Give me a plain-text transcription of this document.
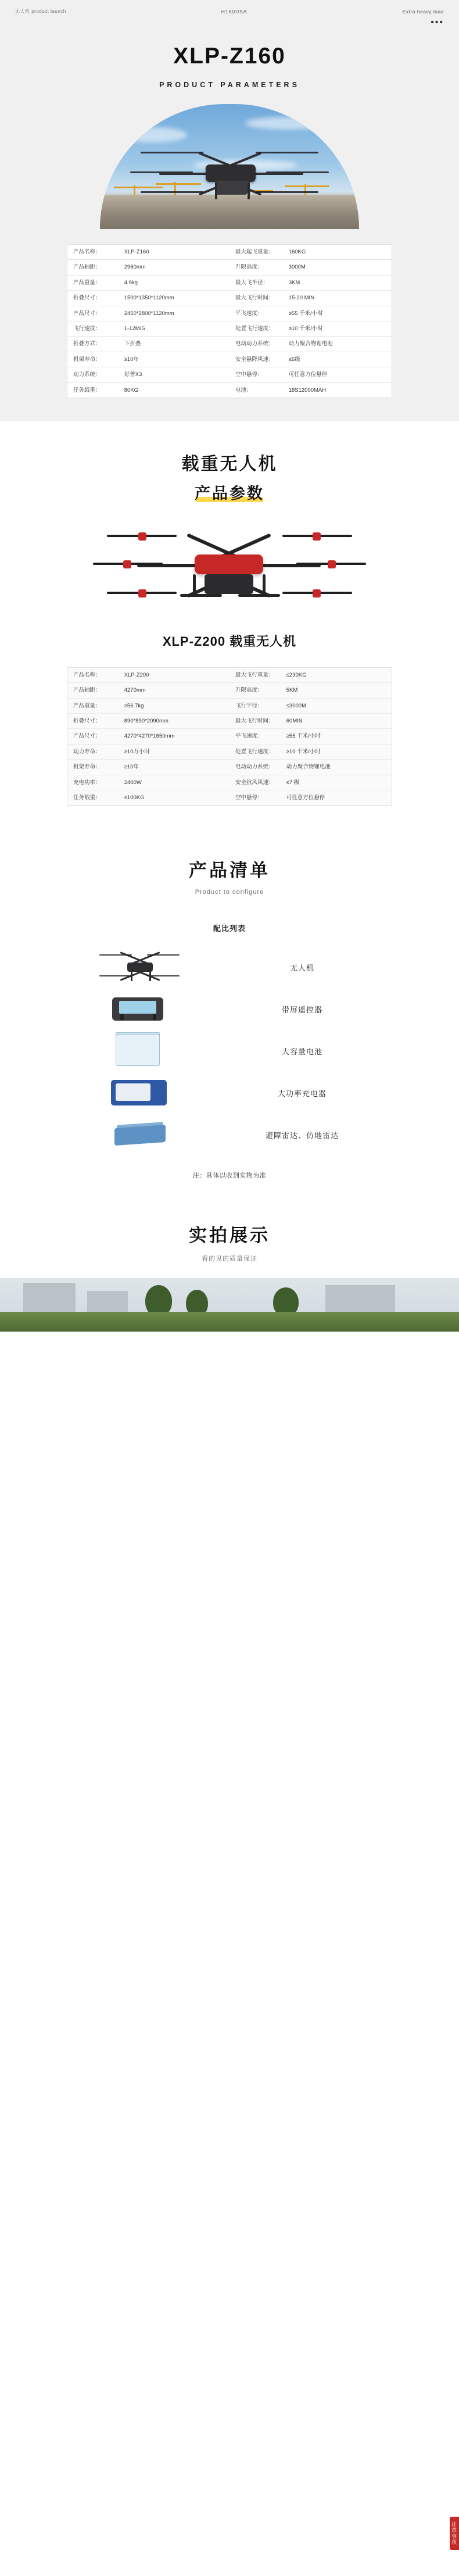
无人机 product launch	H160USA	Extra heavy load
•••
XLP-Z160
PRODUCT PARAMETERS
产品名称：	XLP-Z160	最大起飞重量：	160KG
产品轴距：	2960mm	升限高度：	3000M
产品重量：	4.9kg	最大飞半径：	3KM
折叠尺寸：	1500*1350*1120mm	最大飞行时间：	15-20 MIN
产品尺寸：	2450*2800*1120mm	平飞速度：	≥55 千米/小时
飞行速度：	1-12M/S	处置飞行速度：	≥10 千米/小时
折叠方式：	下折叠	电动动力系统：	动力聚合物锂电池
机架寿命：	≥10年	安全悬降风速：	≤6级
动力系统：	好普X3	空中悬停：	可任意方位悬停
任务载重：	80KG	电池：	18S12000MAH
载重无人机
产品参数
XLP-Z200 载重无人机
产品名称：	XLP-Z200	最大飞行重量：	≤230KG
产品轴距：	4270mm	升限高度：	5KM
产品重量：	≥56.7kg	飞行半径：	≤3000M
折叠尺寸：	890*890*2090mm	最大飞行时间：	60MIN
产品尺寸：	4270*4270*1650mm	平飞速度：	≥55 千米/小时
动力寿命：	≥10万小时	处置飞行速度：	≥10 千米/小时
机架寿命：	≥10年	电动动力系统：	动力聚合物锂电池
充电功率：	2400W	安全抗风风速：	≤7 级
任务载重：	≤100KG	空中悬停：	可任意方位悬停
产品清单
Product to configure
配比列表
无人机
带屏遥控器
大容量电池
大功率充电器
避障雷达、仿地雷达
注：具体以收到实物为准
实拍展示
看的见的质量保证
注意事项
